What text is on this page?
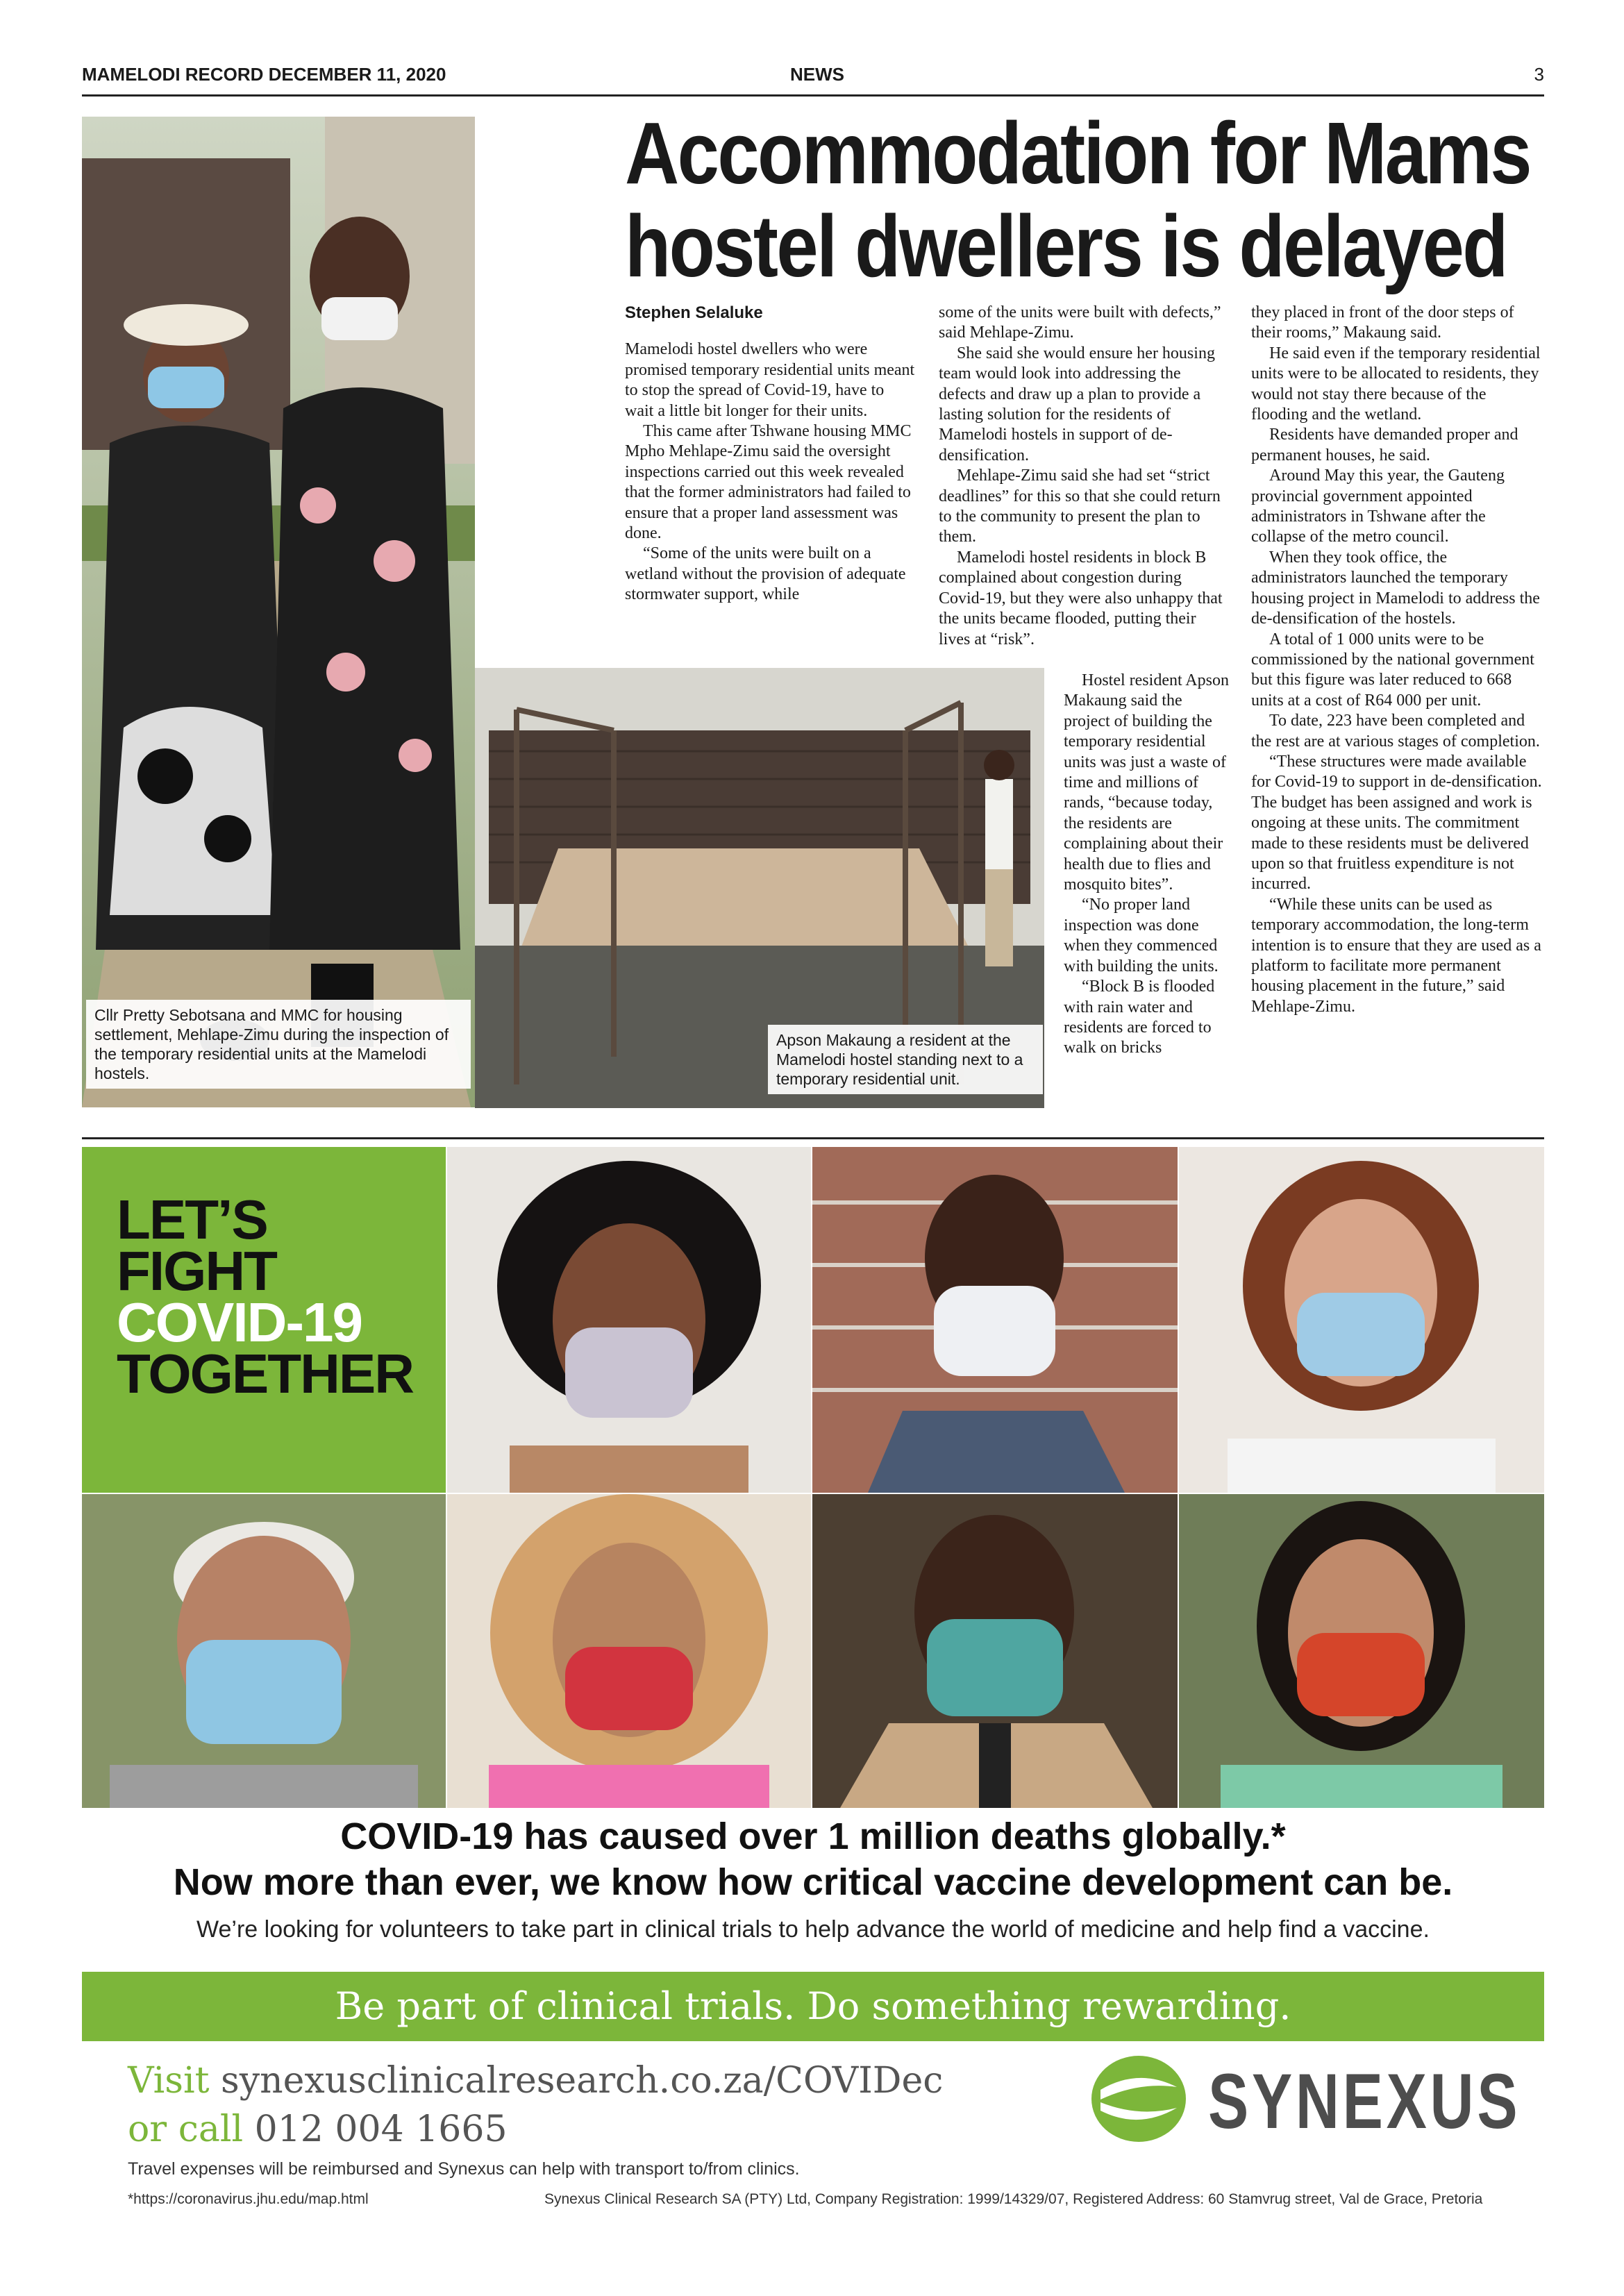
MAMELODI RECORD DECEMBER 11, 2020	NEWS	3
Accommodation for Mams
hostel dwellers is delayed
Cllr Pretty Sebotsana and MMC for housing settlement, Mehlape-Zimu during the inspection of the temporary residential units at the Mamelodi hostels.
Apson Makaung a resident at the Mamelodi hostel standing next to a temporary residential unit.

Stephen Selaluke

Mamelodi hostel dwellers who were promised temporary residential units meant to stop the spread of Covid-19, have to wait a little bit longer for their units.

This came after Tshwane housing MMC Mpho Mehlape-Zimu said the oversight inspections carried out this week revealed that the former administrators had failed to ensure that a proper land assessment was done.

“Some of the units were built on a wetland without the provision of adequate stormwater support, while

some of the units were built with defects,” said Mehlape-Zimu.

She said she would ensure her housing team would look into addressing the defects and draw up a plan to provide a lasting solution for the residents of Mamelodi hostels in support of de-densification.

Mehlape-Zimu said she had set “strict deadlines” for this so that she could return to the community to present the plan to them.

Mamelodi hostel residents in block B complained about congestion during Covid-19, but they were also unhappy that the units became flooded, putting their lives at “risk”.

Hostel resident Apson Makaung said the project of building the temporary residential units was just a waste of time and millions of rands, “because today, the residents are complaining about their health due to flies and mosquito bites”.

“No proper land inspection was done when they commenced with building the units.

“Block B is flooded with rain water and residents are forced to walk on bricks

they placed in front of the door steps of their rooms,” Makaung said.

He said even if the temporary residential units were to be allocated to residents, they would not stay there because of the flooding and the wetland.

Residents have demanded proper and permanent houses, he said.

Around May this year, the Gauteng provincial government appointed administrators in Tshwane after the collapse of the metro council.

When they took office, the administrators launched the temporary housing project in Mamelodi to address the de-densification of the hostels.

A total of 1 000 units were to be commissioned by the national government but this figure was later reduced to 668 units at a cost of R64 000 per unit.

To date, 223 have been completed and the rest are at various stages of completion.

“These structures were made available for Covid-19 to support in de-densification. The budget has been assigned and work is ongoing at these units. The commitment made to these residents must be delivered upon so that fruitless expenditure is not incurred.

“While these units can be used as temporary accommodation, the long-term intention is to ensure that they are used as a platform to facilitate more permanent housing placement in the future,” said Mehlape-Zimu.

LET’S
FIGHT
COVID-19
TOGETHER
COVID-19 has caused over 1 million deaths globally.*
Now more than ever, we know how critical vaccine development can be.
We’re looking for volunteers to take part in clinical trials to help advance the world of medicine and help find a vaccine.
Be part of clinical trials. Do something rewarding.
Visit synexusclinicalresearch.co.za/COVIDec
or call 012 004 1665	SYNEXUS
Travel expenses will be reimbursed and Synexus can help with transport to/from clinics.
*https://coronavirus.jhu.edu/map.html	Synexus Clinical Research SA (PTY) Ltd, Company Registration: 1999/14329/07, Registered Address: 60 Stamvrug street, Val de Grace, Pretoria
